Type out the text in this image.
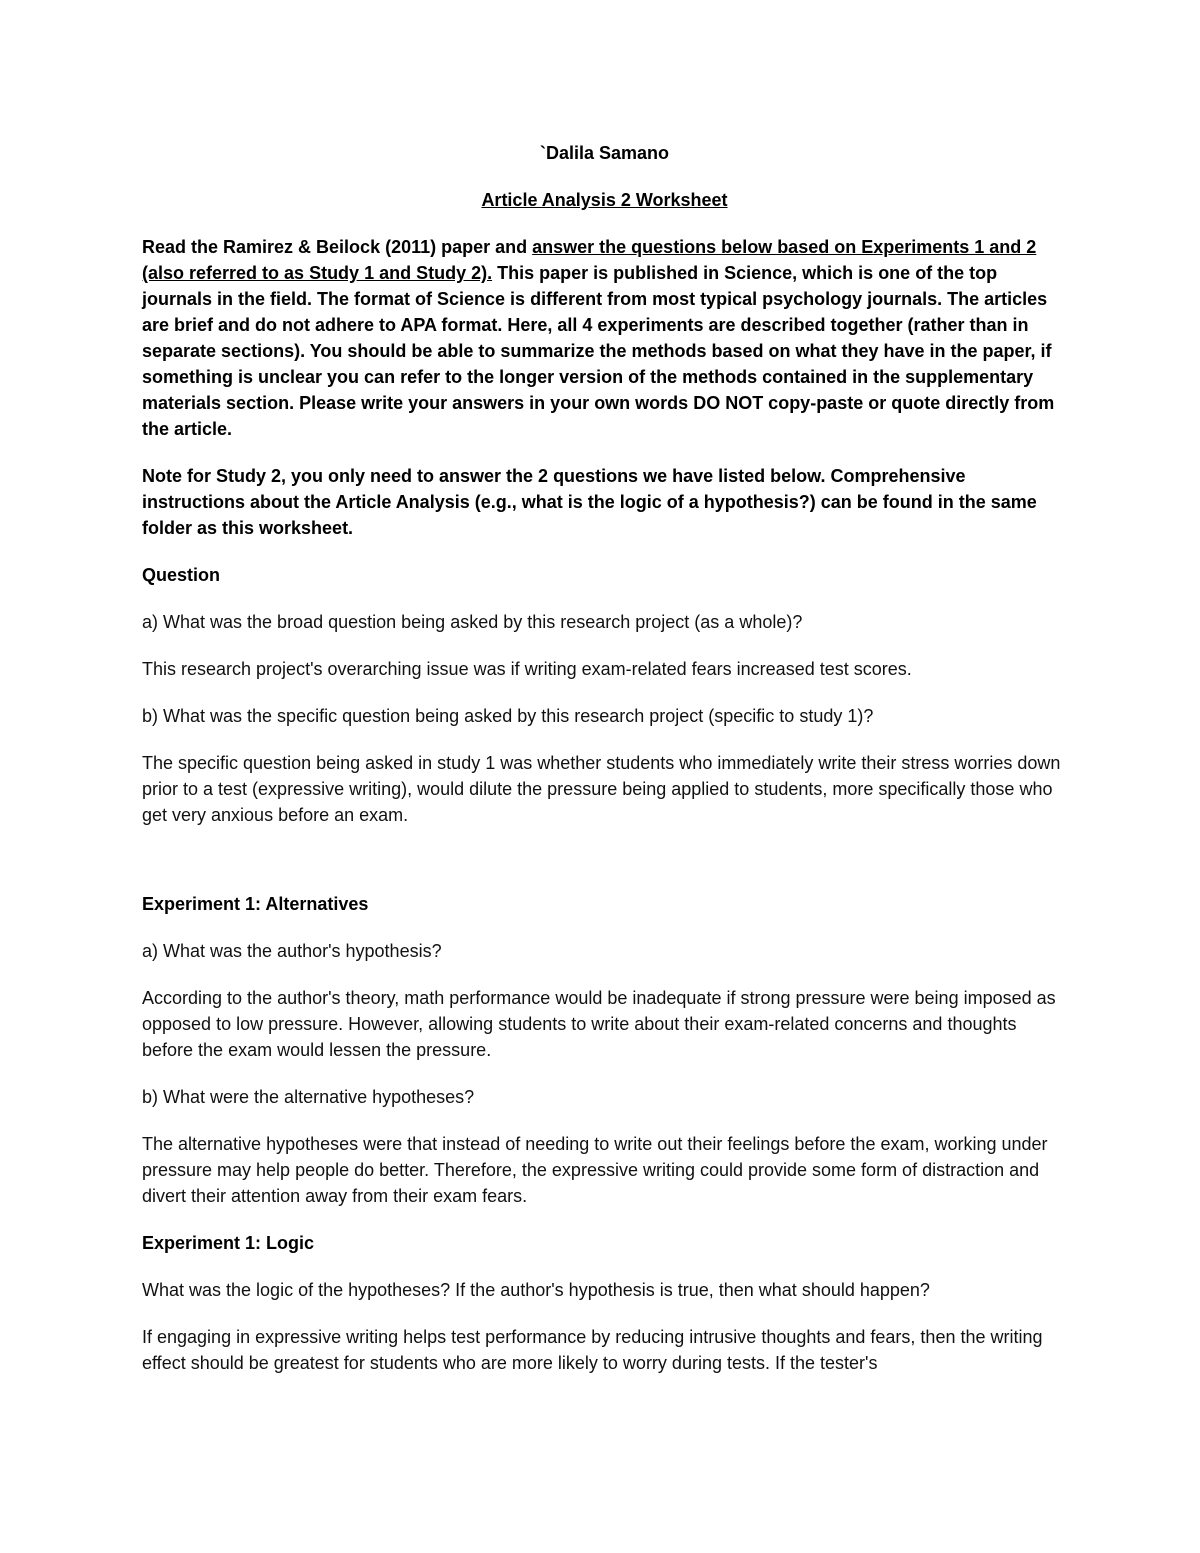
`Dalila Samano
Article Analysis 2 Worksheet

Read the Ramirez & Beilock (2011) paper and answer the questions below based on Experiments 1 and 2 (also referred to as Study 1 and Study 2). This paper is published in Science, which is one of the top journals in the field. The format of Science is different from most typical psychology journals. The articles are brief and do not adhere to APA format. Here, all 4 experiments are described together (rather than in separate sections). You should be able to summarize the methods based on what they have in the paper, if something is unclear you can refer to the longer version of the methods contained in the supplementary materials section. Please write your answers in your own words DO NOT copy-paste or quote directly from the article.

Note for Study 2, you only need to answer the 2 questions we have listed below. Comprehensive instructions about the Article Analysis (e.g., what is the logic of a hypothesis?) can be found in the same folder as this worksheet.

Question

a) What was the broad question being asked by this research project (as a whole)?

This research project's overarching issue was if writing exam-related fears increased test scores.

b) What was the specific question being asked by this research project (specific to study 1)?

The specific question being asked in study 1 was whether students who immediately write their stress worries down prior to a test (expressive writing), would dilute the pressure being applied to students, more specifically those who get very anxious before an exam.

Experiment 1: Alternatives

a) What was the author's hypothesis?

According to the author's theory, math performance would be inadequate if strong pressure were being imposed as opposed to low pressure. However, allowing students to write about their exam-related concerns and thoughts before the exam would lessen the pressure.

b) What were the alternative hypotheses?

The alternative hypotheses were that instead of needing to write out their feelings before the exam, working under pressure may help people do better. Therefore, the expressive writing could provide some form of distraction and divert their attention away from their exam fears.

Experiment 1: Logic

What was the logic of the hypotheses? If the author's hypothesis is true, then what should happen?

If engaging in expressive writing helps test performance by reducing intrusive thoughts and fears, then the writing effect should be greatest for students who are more likely to worry during tests. If the tester's
